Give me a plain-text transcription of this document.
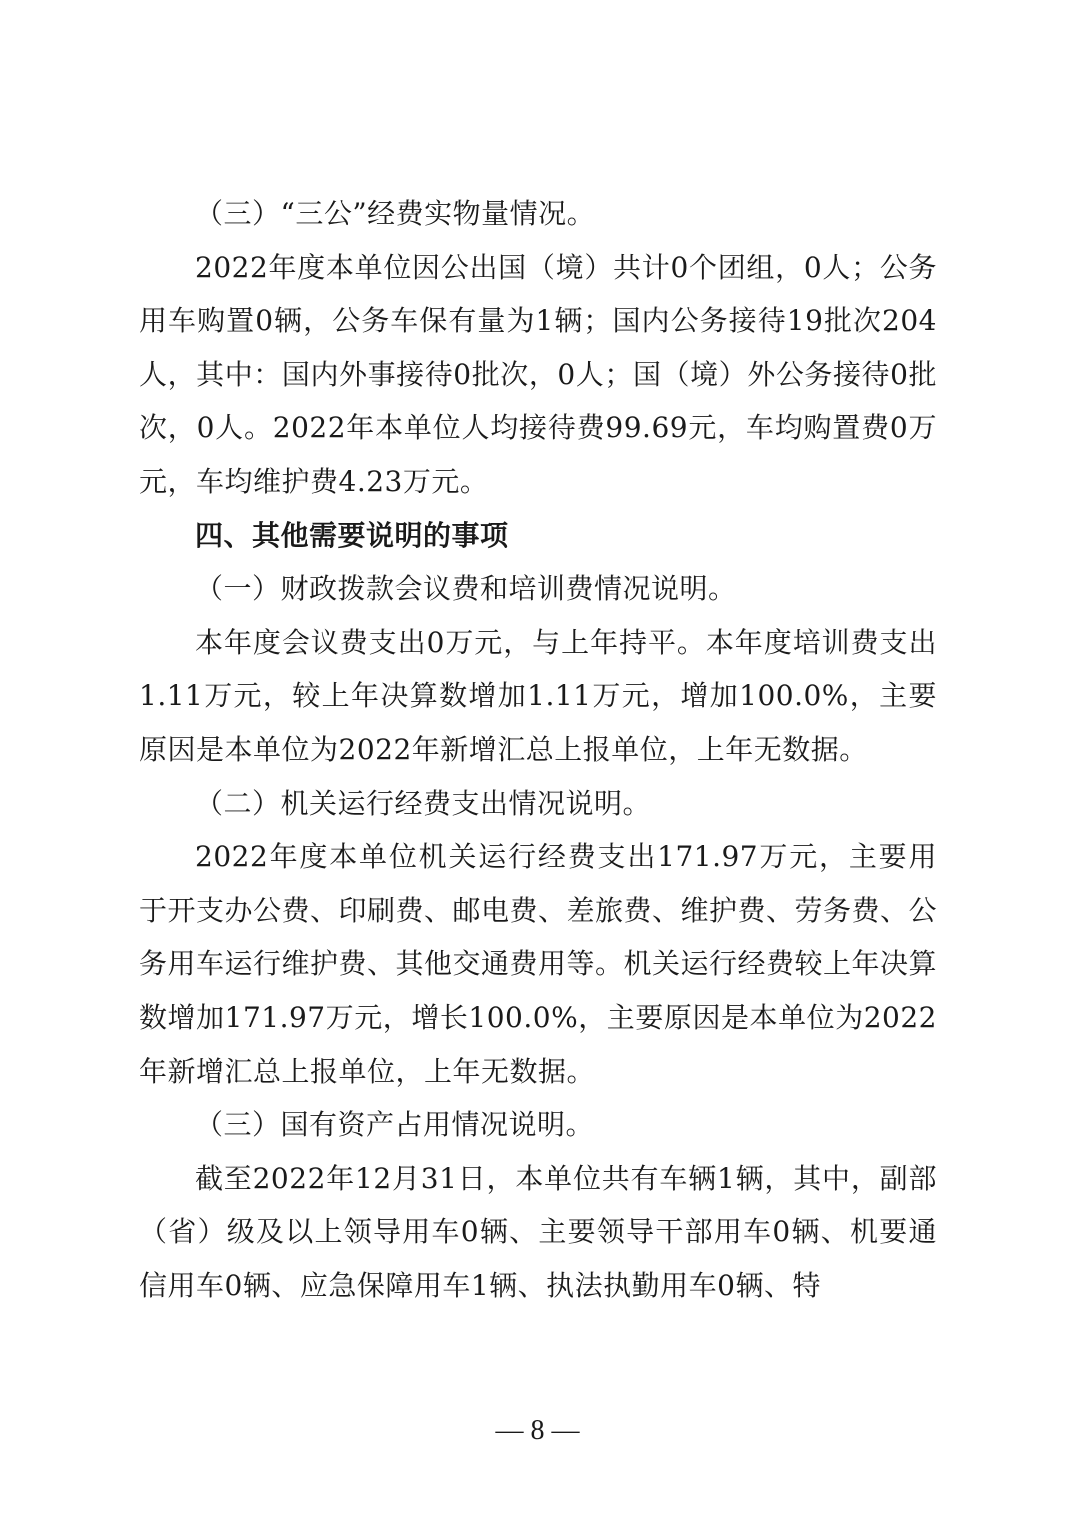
（三）“三公”经费实物量情况。

2022年度本单位因公出国（境）共计0个团组，0人；公务用车购置0辆，公务车保有量为1辆；国内公务接待19批次204人，其中：国内外事接待0批次，0人；国（境）外公务接待0批次，0人。2022年本单位人均接待费99.69元，车均购置费0万元，车均维护费4.23万元。

四、其他需要说明的事项

（一）财政拨款会议费和培训费情况说明。

本年度会议费支出0万元，与上年持平。本年度培训费支出1.11万元，较上年决算数增加1.11万元，增加100.0%，主要原因是本单位为2022年新增汇总上报单位，上年无数据。

（二）机关运行经费支出情况说明。

2022年度本单位机关运行经费支出171.97万元，主要用于开支办公费、印刷费、邮电费、差旅费、维护费、劳务费、公务用车运行维护费、其他交通费用等。机关运行经费较上年决算数增加171.97万元，增长100.0%，主要原因是本单位为2022年新增汇总上报单位，上年无数据。

（三）国有资产占用情况说明。

截至2022年12月31日，本单位共有车辆1辆，其中，副部（省）级及以上领导用车0辆、主要领导干部用车0辆、机要通信用车0辆、应急保障用车1辆、执法执勤用车0辆、特

— 8 —
